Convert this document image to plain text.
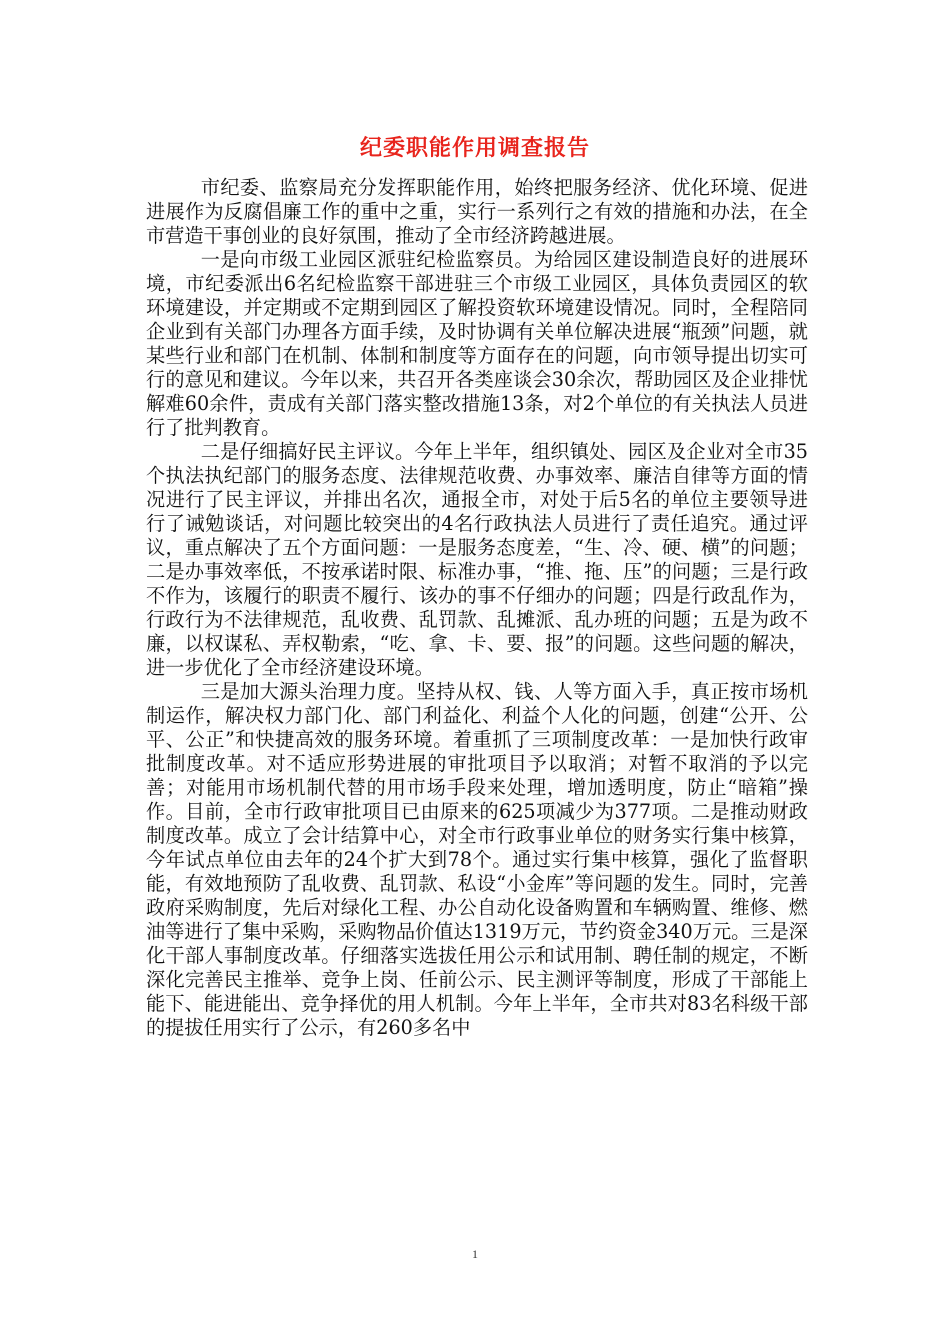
纪委职能作用调查报告

市纪委、监察局充分发挥职能作用，始终把服务经济、优化环境、促进进展作为反腐倡廉工作的重中之重，实行一系列行之有效的措施和办法，在全市营造干事创业的良好氛围，推动了全市经济跨越进展。

一是向市级工业园区派驻纪检监察员。为给园区建设制造良好的进展环境，市纪委派出6名纪检监察干部进驻三个市级工业园区，具体负责园区的软环境建设，并定期或不定期到园区了解投资软环境建设情况。同时，全程陪同企业到有关部门办理各方面手续，及时协调有关单位解决进展“瓶颈”问题，就某些行业和部门在机制、体制和制度等方面存在的问题，向市领导提出切实可行的意见和建议。今年以来，共召开各类座谈会30余次，帮助园区及企业排忧解难60余件，责成有关部门落实整改措施13条，对2个单位的有关执法人员进行了批判教育。

二是仔细搞好民主评议。今年上半年，组织镇处、园区及企业对全市35个执法执纪部门的服务态度、法律规范收费、办事效率、廉洁自律等方面的情况进行了民主评议，并排出名次，通报全市，对处于后5名的单位主要领导进行了诫勉谈话，对问题比较突出的4名行政执法人员进行了责任追究。通过评议，重点解决了五个方面问题：一是服务态度差，“生、冷、硬、横”的问题；二是办事效率低，不按承诺时限、标准办事，“推、拖、压”的问题；三是行政不作为，该履行的职责不履行、该办的事不仔细办的问题；四是行政乱作为，行政行为不法律规范，乱收费、乱罚款、乱摊派、乱办班的问题；五是为政不廉，以权谋私、弄权勒索，“吃、拿、卡、要、报”的问题。这些问题的解决，进一步优化了全市经济建设环境。

三是加大源头治理力度。坚持从权、钱、人等方面入手，真正按市场机制运作，解决权力部门化、部门利益化、利益个人化的问题，创建“公开、公平、公正”和快捷高效的服务环境。着重抓了三项制度改革：一是加快行政审批制度改革。对不适应形势进展的审批项目予以取消；对暂不取消的予以完善；对能用市场机制代替的用市场手段来处理，增加透明度，防止“暗箱”操作。目前，全市行政审批项目已由原来的625项减少为377项。二是推动财政制度改革。成立了会计结算中心，对全市行政事业单位的财务实行集中核算，今年试点单位由去年的24个扩大到78个。通过实行集中核算，强化了监督职能，有效地预防了乱收费、乱罚款、私设“小金库”等问题的发生。同时，完善政府采购制度，先后对绿化工程、办公自动化设备购置和车辆购置、维修、燃油等进行了集中采购，采购物品价值达1319万元，节约资金340万元。三是深化干部人事制度改革。仔细落实选拔任用公示和试用制、聘任制的规定，不断深化完善民主推举、竞争上岗、任前公示、民主测评等制度，形成了干部能上能下、能进能出、竞争择优的用人机制。今年上半年，全市共对83名科级干部的提拔任用实行了公示，有260多名中

1
